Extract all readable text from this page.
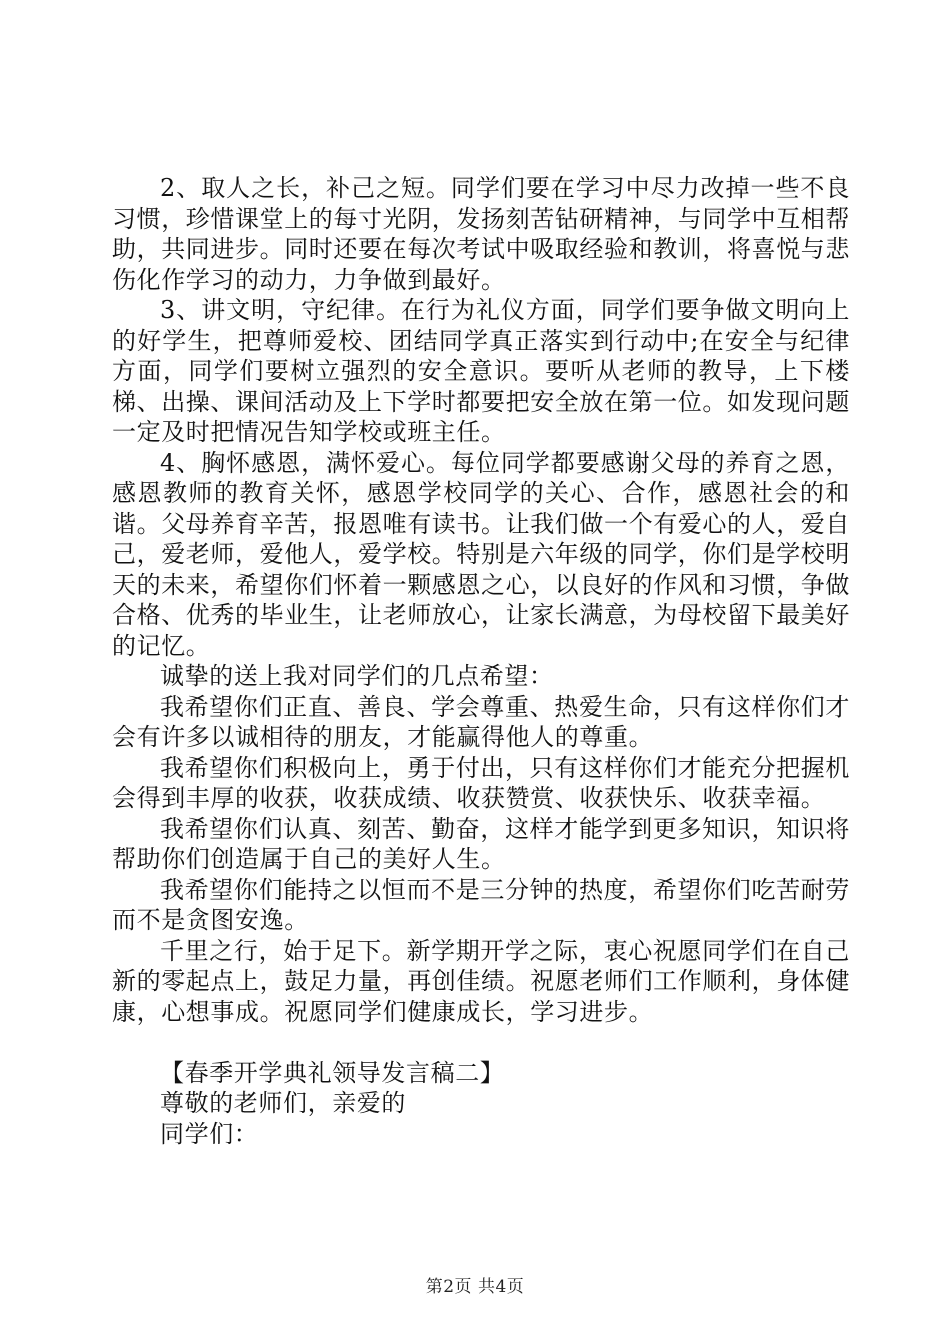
2、取人之长，补己之短。同学们要在学习中尽力改掉一些不良习惯，珍惜课堂上的每寸光阴，发扬刻苦钻研精神，与同学中互相帮助，共同进步。同时还要在每次考试中吸取经验和教训，将喜悦与悲伤化作学习的动力，力争做到最好。

3、讲文明，守纪律。在行为礼仪方面，同学们要争做文明向上的好学生，把尊师爱校、团结同学真正落实到行动中;在安全与纪律方面，同学们要树立强烈的安全意识。要听从老师的教导，上下楼梯、出操、课间活动及上下学时都要把安全放在第一位。如发现问题一定及时把情况告知学校或班主任。

4、胸怀感恩，满怀爱心。每位同学都要感谢父母的养育之恩，感恩教师的教育关怀，感恩学校同学的关心、合作，感恩社会的和谐。父母养育辛苦，报恩唯有读书。让我们做一个有爱心的人，爱自己，爱老师，爱他人，爱学校。特别是六年级的同学，你们是学校明天的未来，希望你们怀着一颗感恩之心，以良好的作风和习惯，争做合格、优秀的毕业生，让老师放心，让家长满意，为母校留下最美好的记忆。

诚挚的送上我对同学们的几点希望：

我希望你们正直、善良、学会尊重、热爱生命，只有这样你们才会有许多以诚相待的朋友，才能赢得他人的尊重。

我希望你们积极向上，勇于付出，只有这样你们才能充分把握机会得到丰厚的收获，收获成绩、收获赞赏、收获快乐、收获幸福。

我希望你们认真、刻苦、勤奋，这样才能学到更多知识，知识将帮助你们创造属于自己的美好人生。

我希望你们能持之以恒而不是三分钟的热度，希望你们吃苦耐劳而不是贪图安逸。

千里之行，始于足下。新学期开学之际，衷心祝愿同学们在自己新的零起点上，鼓足力量，再创佳绩。祝愿老师们工作顺利，身体健康，心想事成。祝愿同学们健康成长，学习进步。

【春季开学典礼领导发言稿二】

尊敬的老师们，亲爱的

同学们：

第2页 共4页
